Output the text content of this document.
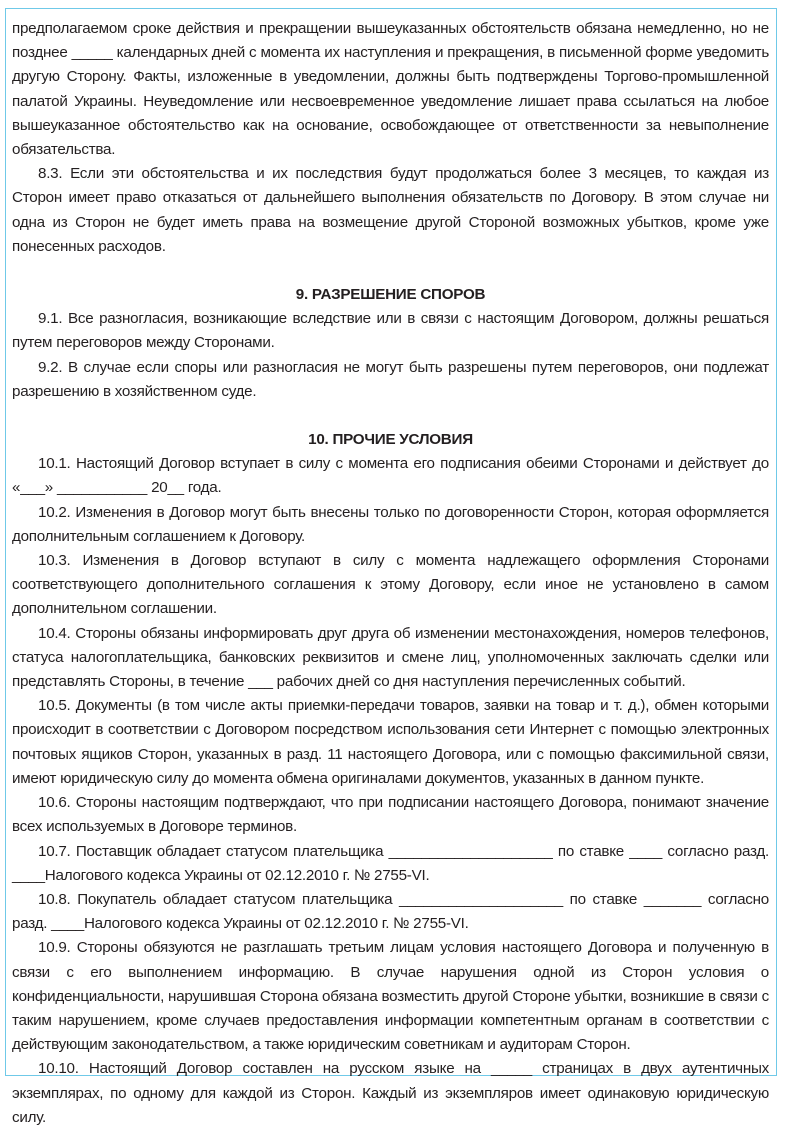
предполагаемом сроке действия и прекращении вышеуказанных обстоятельств обязана немедленно, но не позднее _____ календарных дней с момента их наступления и прекращения, в письменной форме уведомить другую Сторону. Факты, изложенные в уведомлении, должны быть подтверждены Торгово-промышленной палатой Украины. Неуведомление или несвоевременное уведомление лишает права ссылаться на любое вышеуказанное обстоятельство как на основание, освобождающее от ответственности за невыполнение обязательства.

8.3. Если эти обстоятельства и их последствия будут продолжаться более 3 месяцев, то каждая из Сторон имеет право отказаться от дальнейшего выполнения обязательств по Договору. В этом случае ни одна из Сторон не будет иметь права на возмещение другой Стороной возможных убытков, кроме уже понесенных расходов.

9. РАЗРЕШЕНИЕ СПОРОВ

9.1. Все разногласия, возникающие вследствие или в связи с настоящим Договором, должны решаться путем переговоров между Сторонами.

9.2. В случае если споры или разногласия не могут быть разрешены путем переговоров, они подлежат разрешению в хозяйственном суде.

10. ПРОЧИЕ УСЛОВИЯ

10.1. Настоящий Договор вступает в силу с момента его подписания обеими Сторонами и действует до «___» ___________ 20__ года.

10.2. Изменения в Договор могут быть внесены только по договоренности Сторон, которая оформляется дополнительным соглашением к Договору.

10.3. Изменения в Договор вступают в силу с момента надлежащего оформления Сторонами соответствующего дополнительного соглашения к этому Договору, если иное не установлено в самом дополнительном соглашении.

10.4. Стороны обязаны информировать друг друга об изменении местонахождения, номеров телефонов, статуса налогоплательщика, банковских реквизитов и смене лиц, уполномоченных заключать сделки или представлять Стороны, в течение ___ рабочих дней со дня наступления перечисленных событий.

10.5. Документы (в том числе акты приемки-передачи товаров, заявки на товар и т. д.), обмен которыми происходит в соответствии с Договором посредством использования сети Интернет с помощью электронных почтовых ящиков Сторон, указанных в разд. 11 настоящего Договора, или с помощью факсимильной связи, имеют юридическую силу до момента обмена оригиналами документов, указанных в данном пункте.

10.6. Стороны настоящим подтверждают, что при подписании настоящего Договора, понимают значение всех используемых в Договоре терминов.

10.7. Поставщик обладает статусом плательщика ____________________ по ставке ____ согласно разд. ____Налогового кодекса Украины от 02.12.2010 г. № 2755-VI.

10.8. Покупатель обладает статусом плательщика ____________________ по ставке _______ согласно разд. ____Налогового кодекса Украины от 02.12.2010 г. № 2755-VI.

10.9. Стороны обязуются не разглашать третьим лицам условия настоящего Договора и полученную в связи с его выполнением информацию. В случае нарушения одной из Сторон условия о конфиденциальности, нарушившая Сторона обязана возместить другой Стороне убытки, возникшие в связи с таким нарушением, кроме случаев предоставления информации компетентным органам в соответствии с действующим законодательством, а также юридическим советникам и аудиторам Сторон.

10.10. Настоящий Договор составлен на русском языке на _____ страницах в двух аутентичных экземплярах, по одному для каждой из Сторон. Каждый из экземпляров имеет одинаковую юридическую силу.
